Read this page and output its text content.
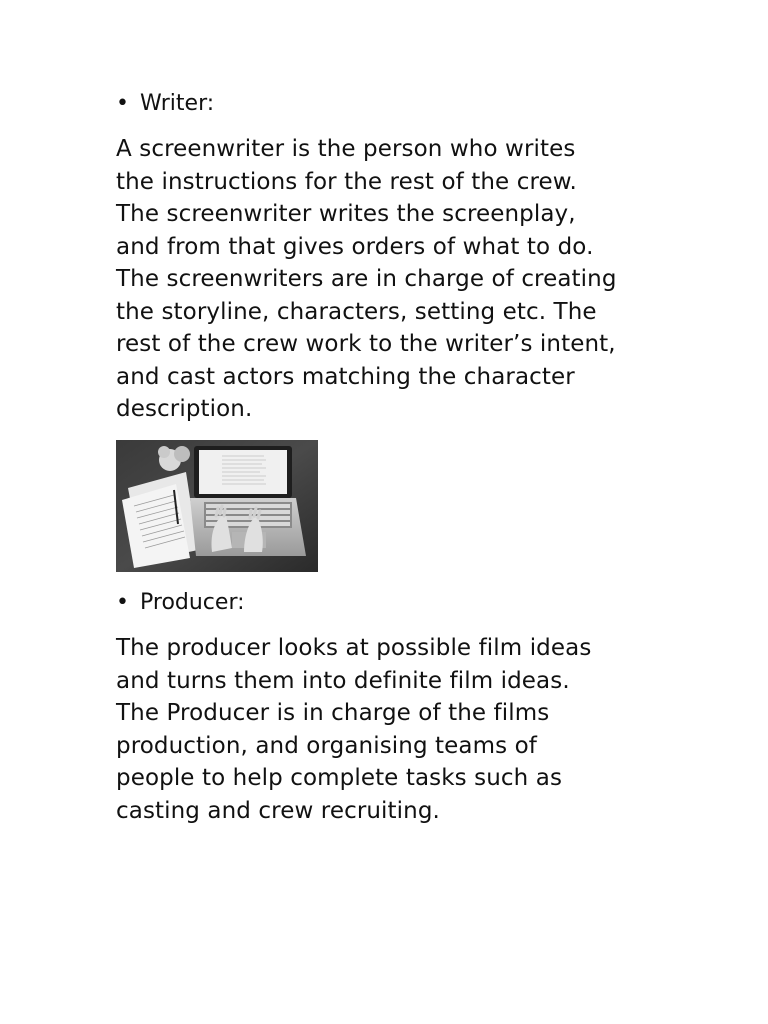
• Writer:

A screenwriter is the person who writes
the instructions for the rest of the crew.
The screenwriter writes the screenplay,
and from that gives orders of what to do.
The screenwriters are in charge of creating
the storyline, characters, setting etc. The
rest of the crew work to the writer’s intent,
and cast actors matching the character
description.

• Producer:

The producer looks at possible film ideas
and turns them into definite film ideas.
The Producer is in charge of the films
production, and organising teams of
people to help complete tasks such as
casting and crew recruiting.
